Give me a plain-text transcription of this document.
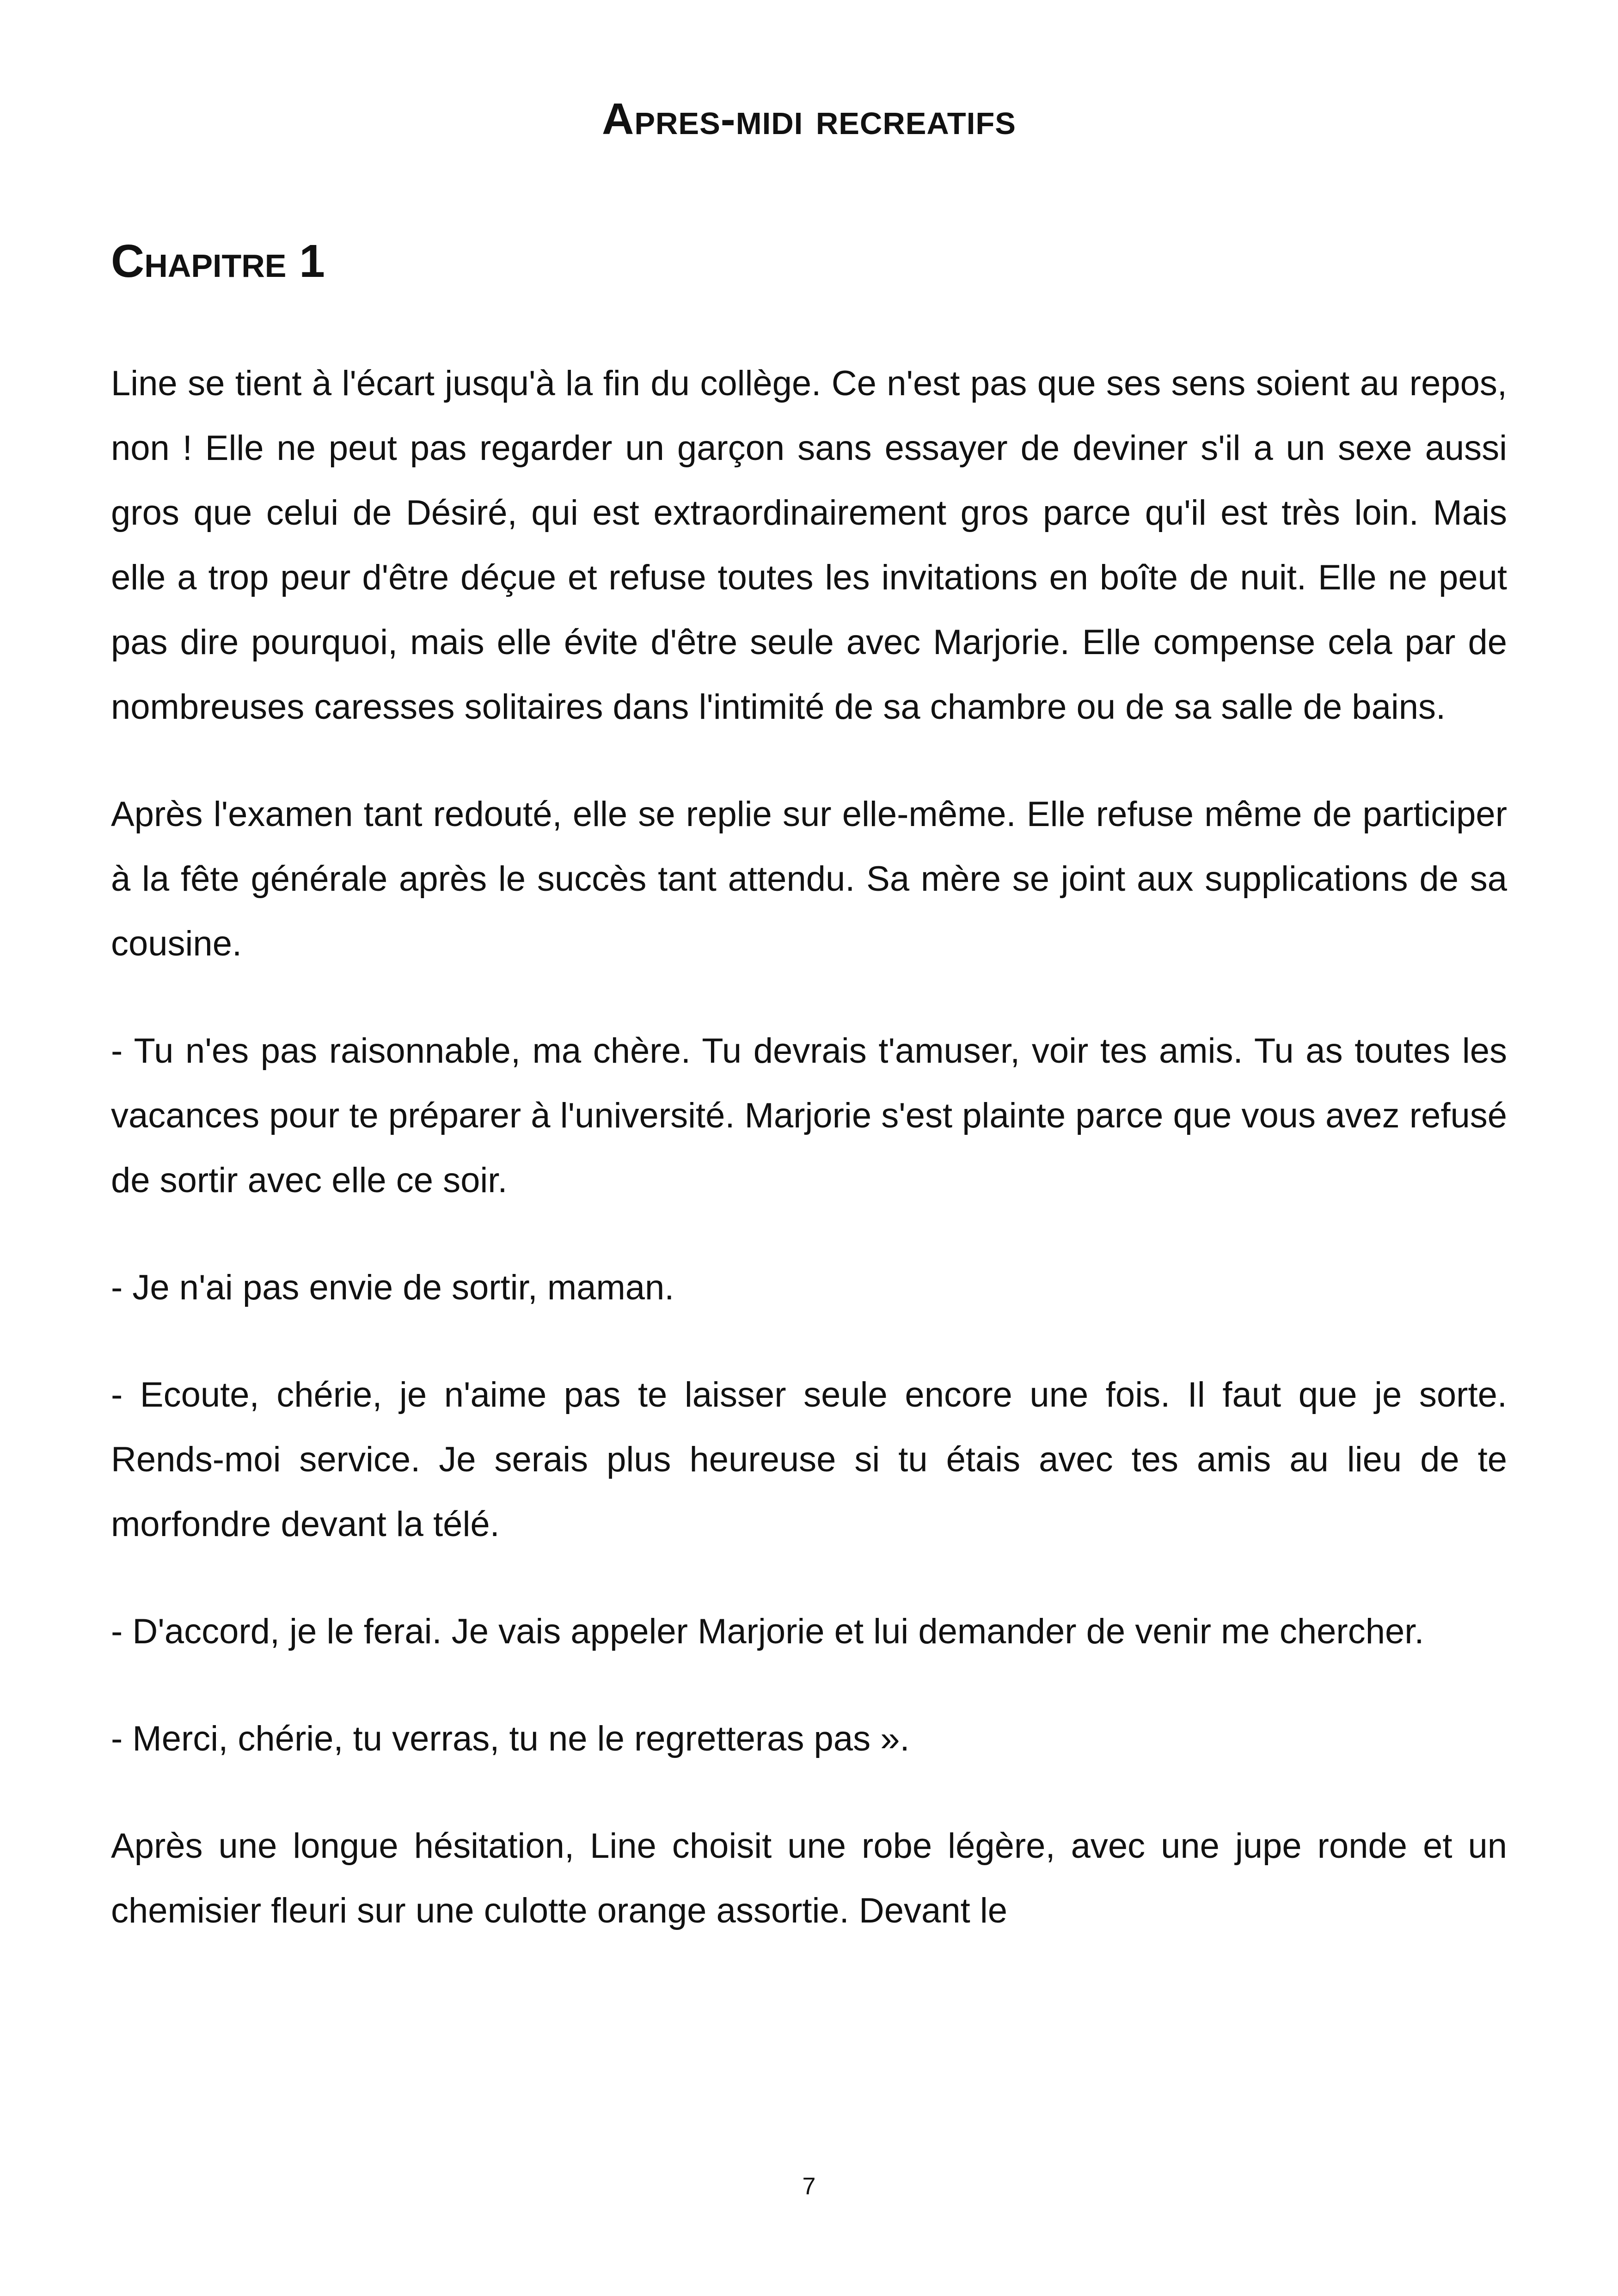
Apres-midi recreatifs
Chapitre 1

Line se tient à l'écart jusqu'à la fin du collège. Ce n'est pas que ses sens soient au repos, non ! Elle ne peut pas regarder un garçon sans essayer de deviner s'il a un sexe aussi gros que celui de Désiré, qui est extraordinairement gros parce qu'il est très loin. Mais elle a trop peur d'être déçue et refuse toutes les invitations en boîte de nuit. Elle ne peut pas dire pourquoi, mais elle évite d'être seule avec Marjorie. Elle compense cela par de nombreuses caresses solitaires dans l'intimité de sa chambre ou de sa salle de bains.

Après l'examen tant redouté, elle se replie sur elle-même. Elle refuse même de participer à la fête générale après le succès tant attendu. Sa mère se joint aux supplications de sa cousine.

- Tu n'es pas raisonnable, ma chère. Tu devrais t'amuser, voir tes amis. Tu as toutes les vacances pour te préparer à l'université. Marjorie s'est plainte parce que vous avez refusé de sortir avec elle ce soir.

- Je n'ai pas envie de sortir, maman.

- Ecoute, chérie, je n'aime pas te laisser seule encore une fois. Il faut que je sorte. Rends-moi service. Je serais plus heureuse si tu étais avec tes amis au lieu de te morfondre devant la télé.

- D'accord, je le ferai. Je vais appeler Marjorie et lui demander de venir me chercher.

- Merci, chérie, tu verras, tu ne le regretteras pas ».

Après une longue hésitation, Line choisit une robe légère, avec une jupe ronde et un chemisier fleuri sur une culotte orange assortie. Devant le

7
